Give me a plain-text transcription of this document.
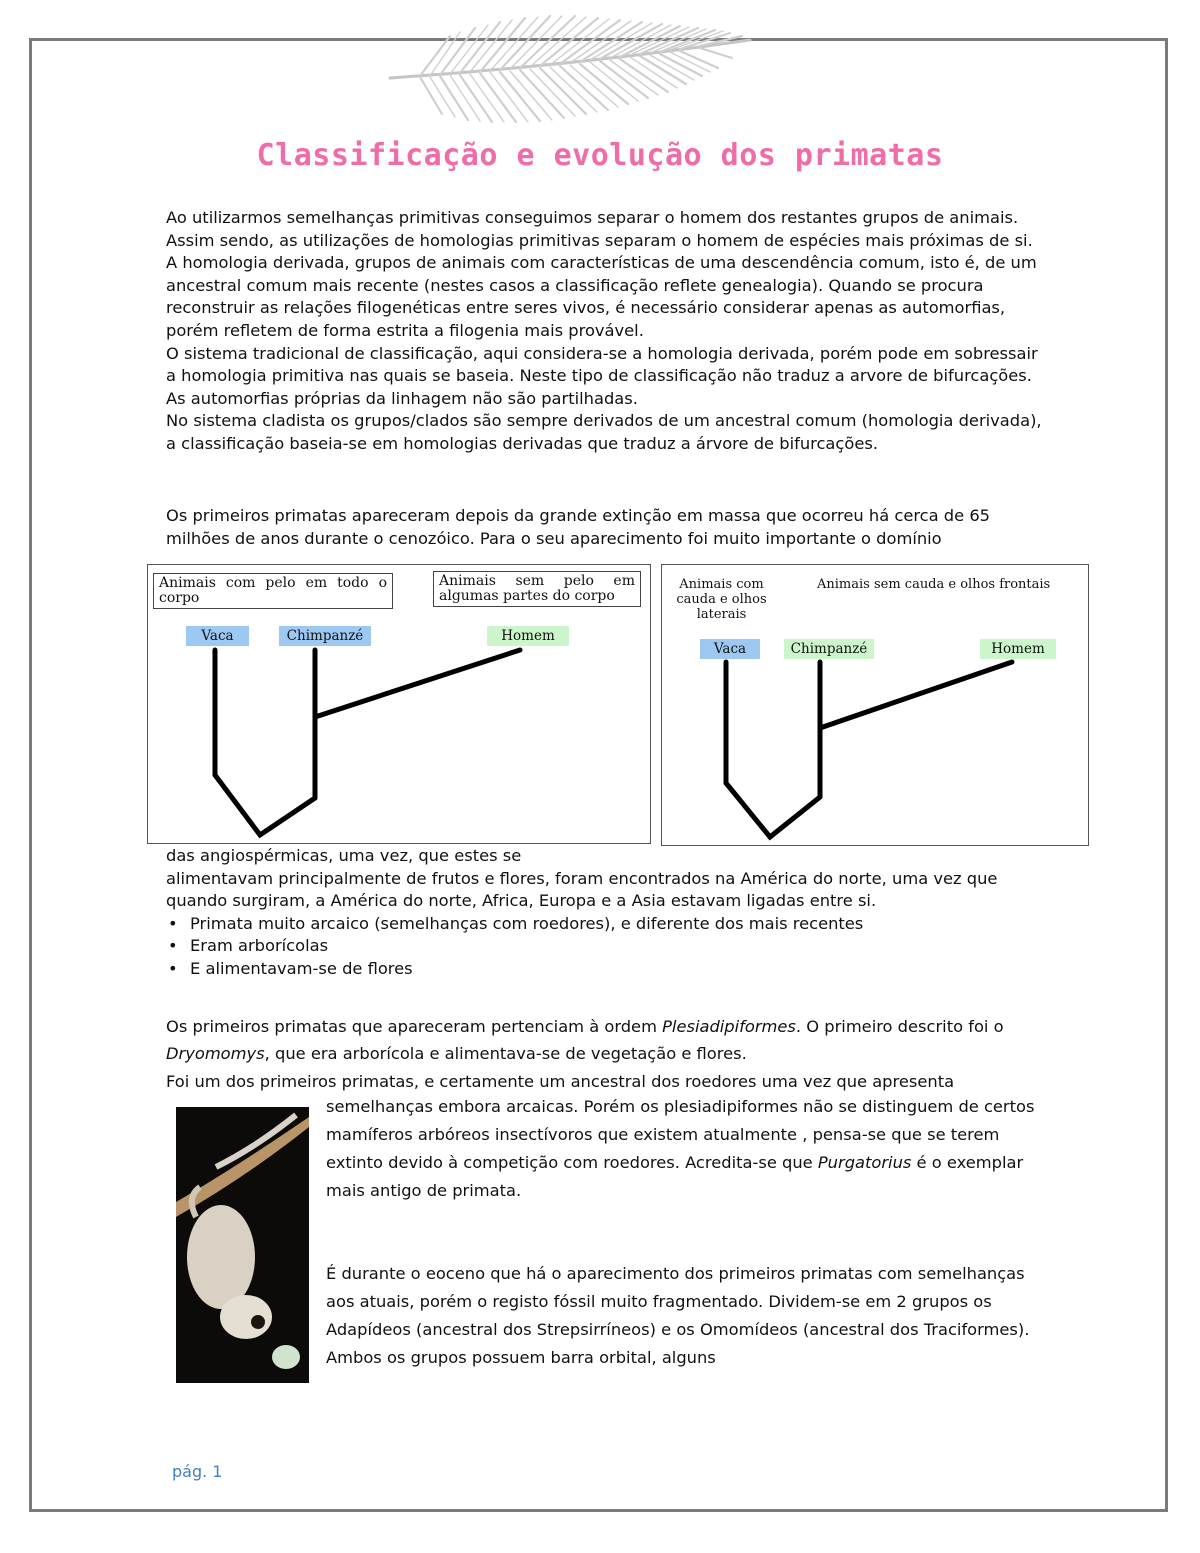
Classificação e evolução dos primatas

Ao utilizarmos semelhanças primitivas conseguimos separar o homem dos restantes grupos de animais. Assim sendo, as utilizações de homologias primitivas separam o homem de espécies mais próximas de si.

A homologia derivada, grupos de animais com características de uma descendência comum, isto é, de um ancestral comum mais recente (nestes casos a classificação reflete genealogia). Quando se procura reconstruir as relações filogenéticas entre seres vivos, é necessário considerar apenas as automorfias, porém refletem de forma estrita a filogenia mais provável.

O sistema tradicional de classificação, aqui considera-se a homologia derivada, porém pode em sobressair a homologia primitiva nas quais se baseia. Neste tipo de classificação não traduz a arvore de bifurcações. As automorfias próprias da linhagem não são partilhadas.

No sistema cladista os grupos/clados são sempre derivados de um ancestral comum (homologia derivada), a classificação baseia-se em homologias derivadas que traduz a árvore de bifurcações.

Os primeiros primatas apareceram depois da grande extinção em massa que ocorreu há cerca de 65 milhões de anos durante o cenozóico. Para o seu aparecimento foi muito importante o domínio

Animais com pelo em todo o corpo
Animais sem pelo em algumas partes do corpo
Vaca	Chimpanzé	Homem
Animais com cauda e olhos laterais
Animais sem cauda e olhos frontais
Vaca	Chimpanzé	Homem

das angiospérmicas, uma vez, que estes se

alimentavam principalmente de frutos e flores, foram encontrados na América do norte, uma vez que quando surgiram, a América do norte, Africa, Europa e a Asia estavam ligadas entre si.

• Primata muito arcaico (semelhanças com roedores), e diferente dos mais recentes
• Eram arborícolas
• E alimentavam-se de flores

Os primeiros primatas que apareceram pertenciam à ordem Plesiadipiformes. O primeiro descrito foi o Dryomomys, que era arborícola e alimentava-se de vegetação e flores.

Foi um dos primeiros primatas, e certamente um ancestral dos roedores uma vez que apresenta

semelhanças embora arcaicas. Porém os plesiadipiformes não se distinguem de certos mamíferos arbóreos insectívoros que existem atualmente , pensa-se que se terem extinto devido à competição com roedores. Acredita-se que Purgatorius é o exemplar mais antigo de primata.

É durante o eoceno que há o aparecimento dos primeiros primatas com semelhanças aos atuais, porém o registo fóssil muito fragmentado. Dividem-se em 2 grupos os Adapídeos (ancestral dos Strepsirríneos) e os Omomídeos (ancestral dos Traciformes). Ambos os grupos possuem barra orbital, alguns

pág. 1
